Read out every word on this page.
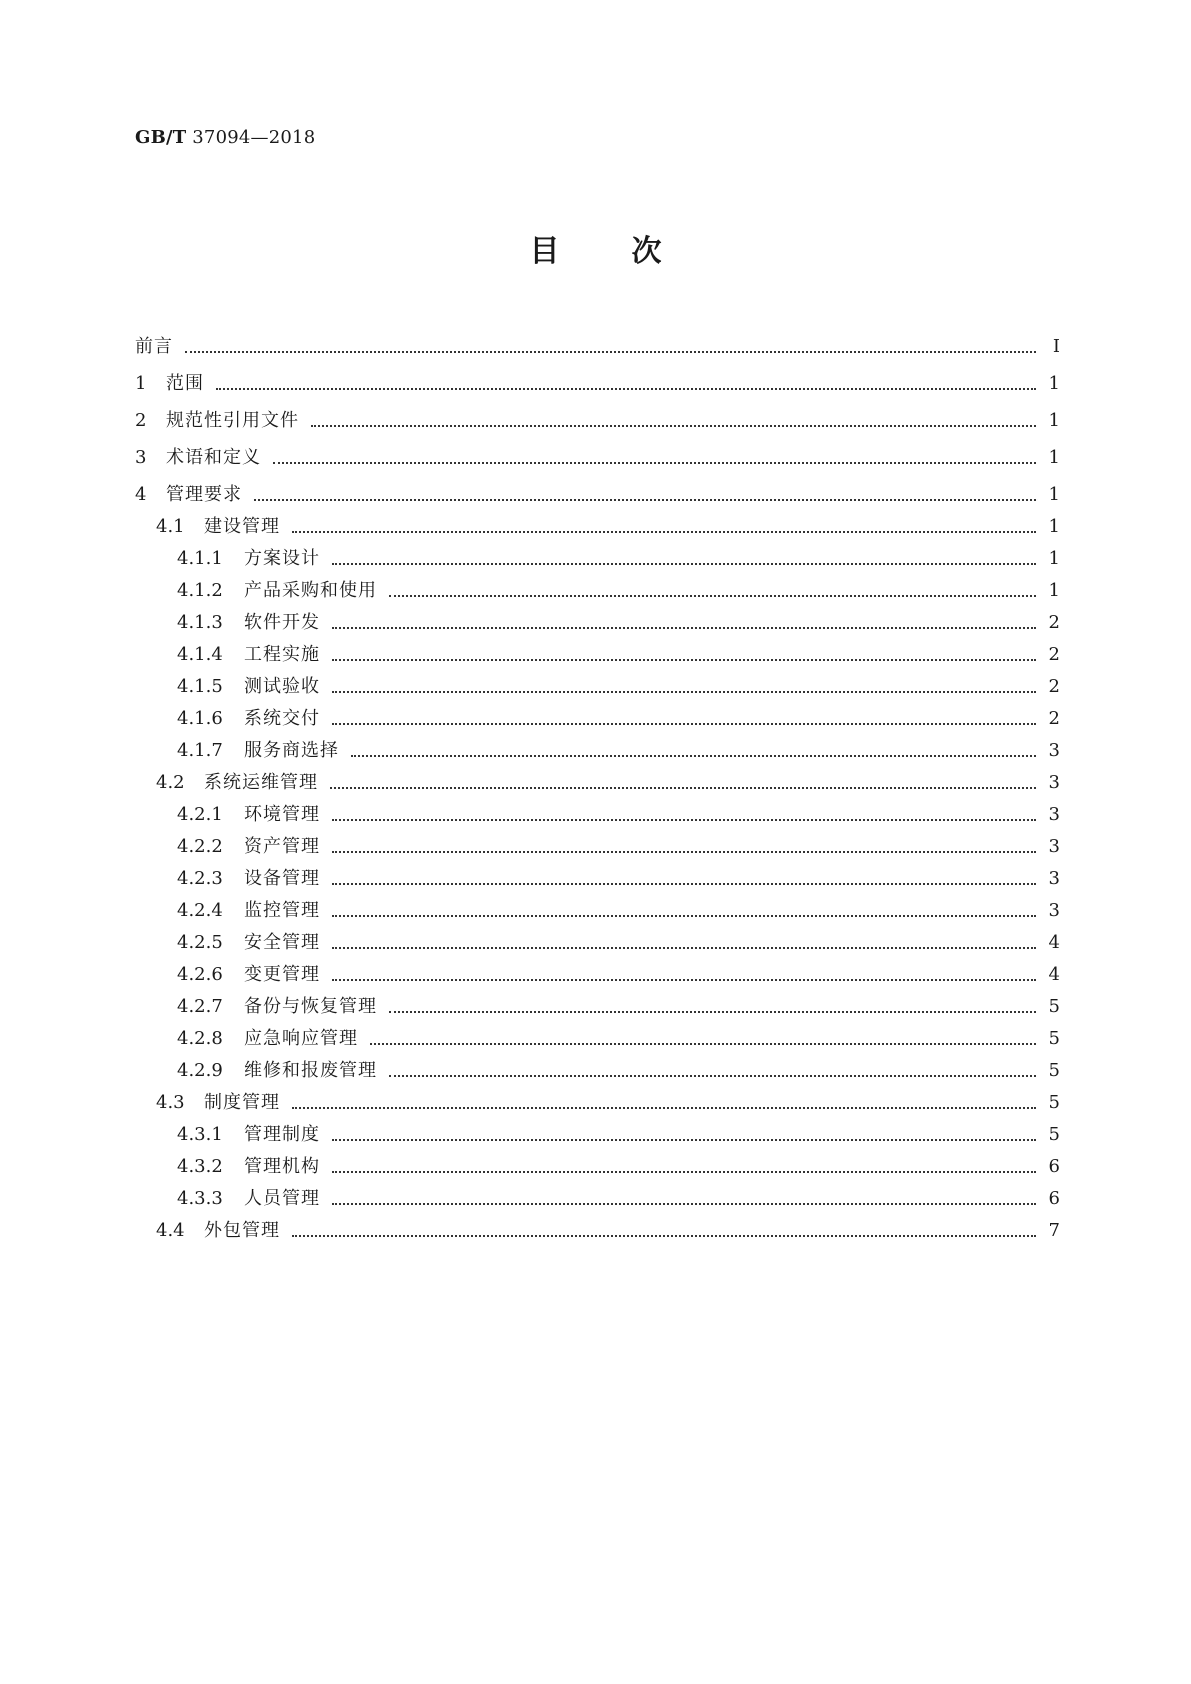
GB/T 37094—2018
目 次
前言	Ⅰ
1	范围	1
2	规范性引用文件	1
3	术语和定义	1
4	管理要求	1
4.1	建设管理	1
4.1.1	方案设计	1
4.1.2	产品采购和使用	1
4.1.3	软件开发	2
4.1.4	工程实施	2
4.1.5	测试验收	2
4.1.6	系统交付	2
4.1.7	服务商选择	3
4.2	系统运维管理	3
4.2.1	环境管理	3
4.2.2	资产管理	3
4.2.3	设备管理	3
4.2.4	监控管理	3
4.2.5	安全管理	4
4.2.6	变更管理	4
4.2.7	备份与恢复管理	5
4.2.8	应急响应管理	5
4.2.9	维修和报废管理	5
4.3	制度管理	5
4.3.1	管理制度	5
4.3.2	管理机构	6
4.3.3	人员管理	6
4.4	外包管理	7
